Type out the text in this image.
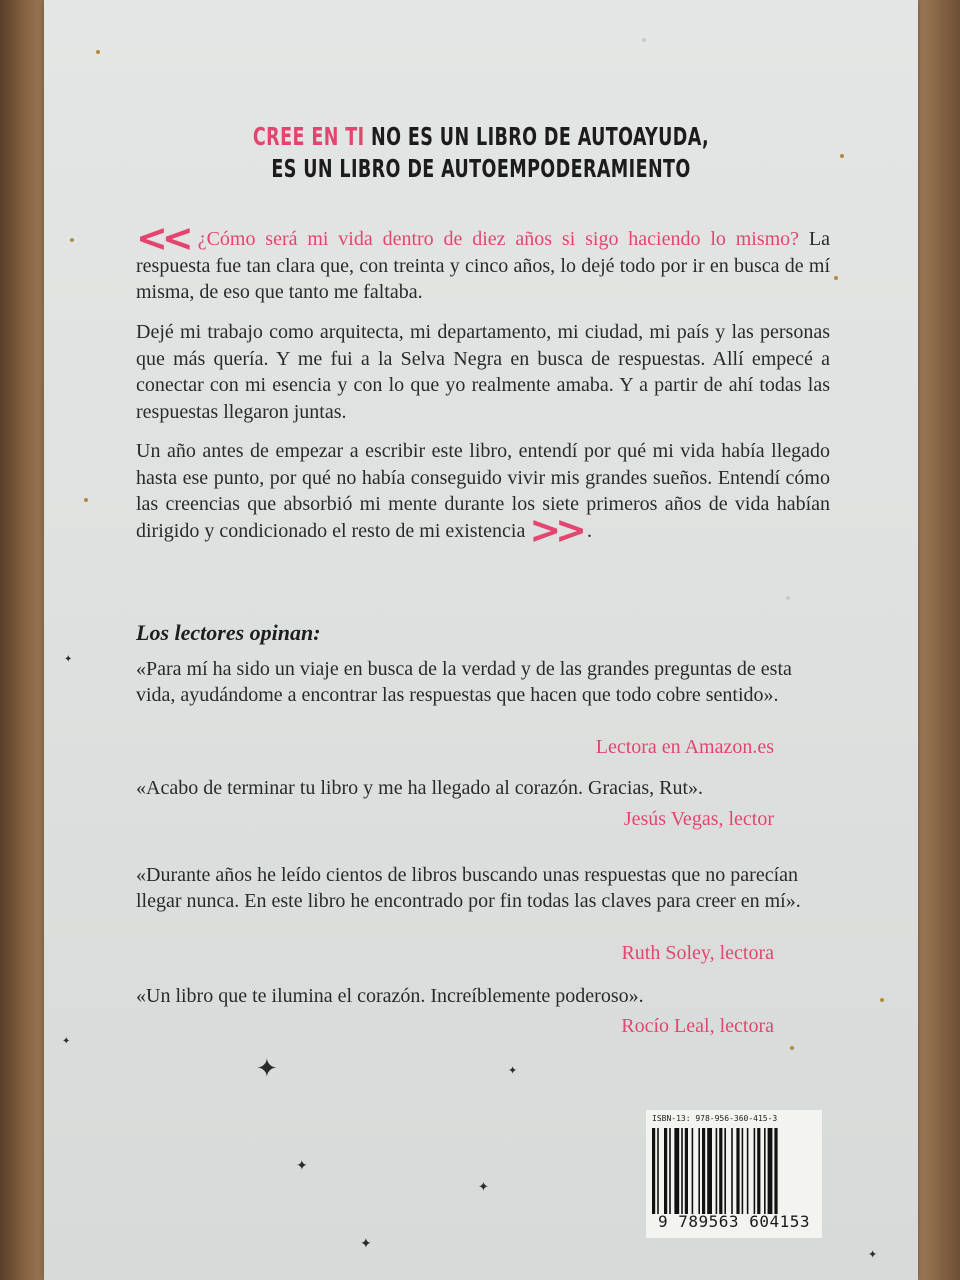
CREE EN TI NO ES UN LIBRO DE AUTOAYUDA,
ES UN LIBRO DE AUTOEMPODERAMIENTO
<< ¿Cómo será mi vida dentro de diez años si sigo haciendo lo mismo? La respuesta fue tan clara que, con treinta y cinco años, lo dejé todo por ir en busca de mí misma, de eso que tanto me faltaba.
Dejé mi trabajo como arquitecta, mi departamento, mi ciudad, mi país y las personas que más quería. Y me fui a la Selva Negra en busca de respuestas. Allí empecé a conectar con mi esencia y con lo que yo realmente amaba. Y a partir de ahí todas las respuestas llegaron juntas.
Un año antes de empezar a escribir este libro, entendí por qué mi vida había llegado hasta ese punto, por qué no había conseguido vivir mis grandes sueños. Entendí cómo las creencias que absorbió mi mente durante los siete primeros años de vida habían dirigido y condicionado el resto de mi existencia >> .
Los lectores opinan:
«Para mí ha sido un viaje en busca de la verdad y de las grandes preguntas de esta vida, ayudándome a encontrar las respuestas que hacen que todo cobre sentido».
Lectora en Amazon.es
«Acabo de terminar tu libro y me ha llegado al corazón. Gracias, Rut».
Jesús Vegas, lector
«Durante años he leído cientos de libros buscando unas respuestas que no parecían llegar nunca. En este libro he encontrado por fin todas las claves para creer en mí».
Ruth Soley, lectora
«Un libro que te ilumina el corazón. Increíblemente poderoso».
Rocío Leal, lectora
✦
✦
✦
✦
✦
✦
✦
✦
ISBN-13: 978-956-360-415-3
9 789563 604153
